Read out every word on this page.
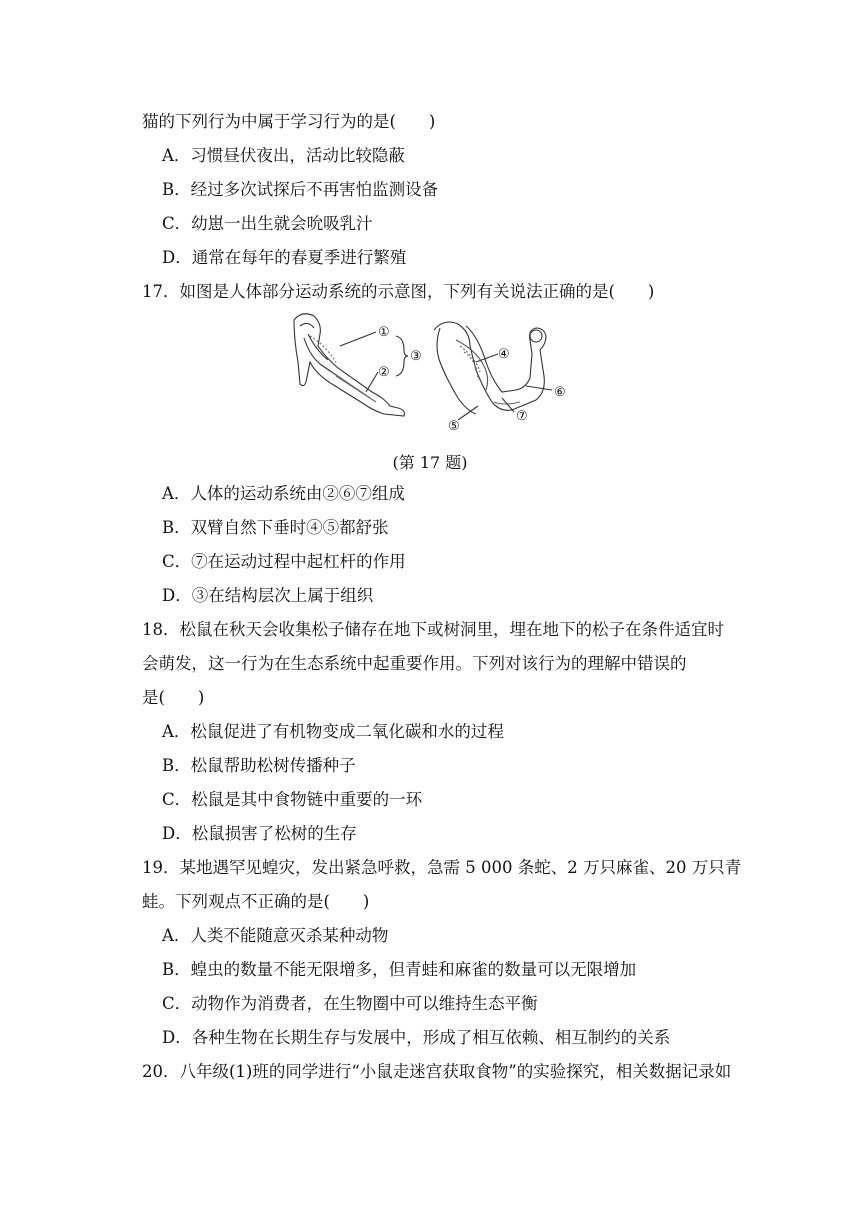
猫的下列行为中属于学习行为的是(　　)
A．习惯昼伏夜出，活动比较隐蔽
B．经过多次试探后不再害怕监测设备
C．幼崽一出生就会吮吸乳汁
D．通常在每年的春夏季进行繁殖
17．如图是人体部分运动系统的示意图，下列有关说法正确的是(　　)
①
②
③	④
⑤
⑥
⑦
(第 17 题)
A．人体的运动系统由②⑥⑦组成
B．双臂自然下垂时④⑤都舒张
C．⑦在运动过程中起杠杆的作用
D．③在结构层次上属于组织
18．松鼠在秋天会收集松子储存在地下或树洞里，埋在地下的松子在条件适宜时
会萌发，这一行为在生态系统中起重要作用。下列对该行为的理解中错误的
是(　　)
A．松鼠促进了有机物变成二氧化碳和水的过程
B．松鼠帮助松树传播种子
C．松鼠是其中食物链中重要的一环
D．松鼠损害了松树的生存
19．某地遇罕见蝗灾，发出紧急呼救，急需 5 000 条蛇、2 万只麻雀、20 万只青
蛙。下列观点不正确的是(　　)
A．人类不能随意灭杀某种动物
B．蝗虫的数量不能无限增多，但青蛙和麻雀的数量可以无限增加
C．动物作为消费者，在生物圈中可以维持生态平衡
D．各种生物在长期生存与发展中，形成了相互依赖、相互制约的关系
20．八年级(1)班的同学进行“小鼠走迷宫获取食物”的实验探究，相关数据记录如
